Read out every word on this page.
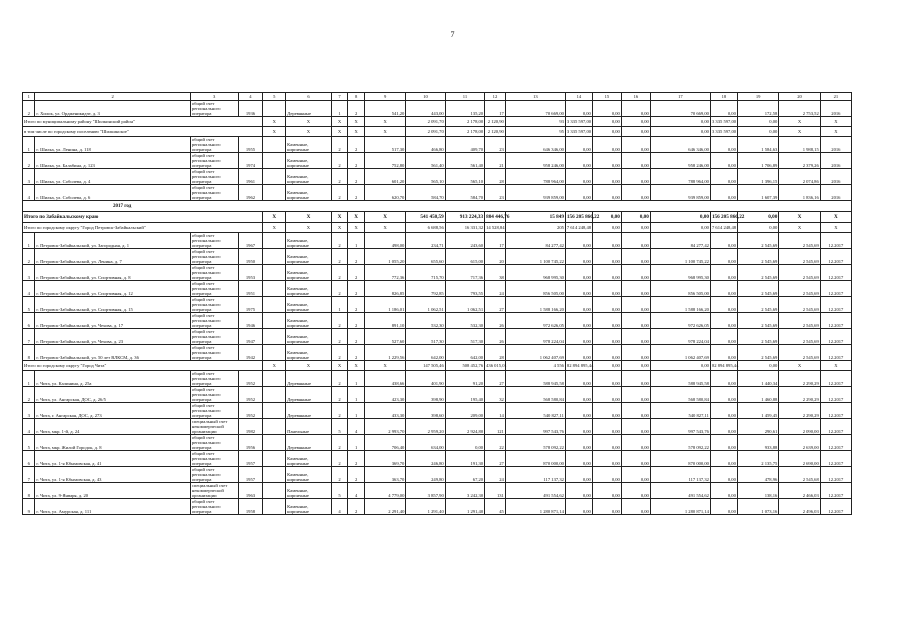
7
1	2	3	4	5	6	7	8	9	10	11	12	13	14	15	16	17	18	19	20	21
2	г. Хилок, ул. Ордженикидзе, д. 3	общий счет регионального оператора	1936		Деревянные	1	2	541,20	443,00	135,20	17	70 669,00	0,00	0,00	0,00	70 669,00	0,00	172,58	2 753,52	2016
Итого по муниципальному району "Шилкинский район"				X	X	X	X	X	2 091,70	2 178,00	2 120,90	93	3 335 597,00	0,00	0,00	0,00	3 335 597,00	0,00	X	X
в том числе по городскому поселению "Шилкинское"				X	X	X	X	X	2 091,70	2 178,00	2 120,90	95	3 335 597,00	0,00	0,00	0,00	3 335 597,00	0,00	X	X
1	г. Шилка, ул. Ленина, д. 118	общий счет регионального оператора	1955		Каменные, кирпичные	2	2	517,30	466,80	409,70	23	646 346,00	0,00	0,00	0,00	646 346,00	0,00	1 584,63	1 988,15	2016
2	г. Шилка, ул. Балабина, д. 123	общий счет регионального оператора	1974		Каменные, кирпичные	2	2	752,80	561,40	561,40	21	958 246,00	0,00	0,00	0,00	958 246,00	0,00	1 706,89	2 379,26	2016
3	г. Шилка, ул. Соболева, д. 4	общий счет регионального оператора	1961		Каменные, кирпичные	2	2	601,20	565,10	565,10	28	788 964,00	0,00	0,00	0,00	788 964,00	0,00	1 396,15	2 074,86	2016
4	г. Шилка, ул. Соболева, д. 6	общий счет регионального оператора	1962		Каменные, кирпичные	2	2	620,70	584,70	584,70	23	939 859,00	0,00	0,00	0,00	939 859,00	0,00	1 607,39	1 836,16	2016
2017 год																				
Итого по Забайкальскому краю				X	X	X	X	X	541 450,59	913 224,33	804 446,76	15 849	156 205 866,22	0,00	0,00	0,00	156 205 866,22	0,00	X	X
Итого по городскому округу "Город Петровск-Забайкальский"				X	X	X	X	X	6 688,56	16 331,32	14 528,84	205	7 614 248,48	0,00	0,00	0,00	7 614 248,48	0,00	X	X
1	г. Петровск-Забайкальский, ул. Загородная, д. 1	общий счет регионального оператора	1967		Каменные, кирпичные	2	1	498,00	234,71	243,60	17	84 277,42	0,00	0,00	0,00	84 277,42	0,00	2 545,69	2 545,69	12.2017
2	г. Петровск-Забайкальский, ул. Ленина, д. 7	общий счет регионального оператора	1950		Каменные, кирпичные	2	2	1 055,20	655,60	615,00	20	1 100 745,22	0,00	0,00	0,00	1 100 745,22	0,00	2 545,69	2 545,69	12.2017
3	г. Петровск-Забайкальский, ул. Спортивная, д. 8	общий счет регионального оператора	1953		Каменные, кирпичные	2	2	772,36	715,70	717,36	38	968 995,30	0,00	0,00	0,00	968 995,30	0,00	2 545,69	2 545,69	12.2017
4	г. Петровск-Забайкальский, ул. Спортивная, д. 12	общий счет регионального оператора	1951		Каменные, кирпичные	2	2	826,85	792,85	793,55	24	856 505,00	0,00	0,00	0,00	856 505,00	0,00	2 545,69	2 545,69	12.2017
5	г. Петровск-Забайкальский, ул. Спортивная, д. 15	общий счет регионального оператора	1975		Каменные, кирпичные	1	2	1 186,01	1 062,51	1 062,51	27	1 588 166,20	0,00	0,00	0,00	1 588 166,20	0,00	2 545,69	2 545,69	12.2017
6	г. Петровск-Забайкальский, ул. Чехова, д. 17	общий счет регионального оператора	1946		Каменные, кирпичные	2	2	891,10	532,30	532,30	26	972 626,05	0,00	0,00	0,00	972 626,05	0,00	2 545,69	2 545,69	12.2017
7	г. Петровск-Забайкальский, ул. Чехова, д. 23	общий счет регионального оператора	1947		Каменные, кирпичные	2	2	527,60	517,30	517,30	26	978 224,04	0,00	0,00	0,00	978 224,04	0,00	2 545,69	2 545,69	12.2017
8	г. Петровск-Забайкальский, ул. 50 лет ВЛКСМ, д. 36	общий счет регионального оператора	1942		Каменные, кирпичные	2	2	1 229,56	642,00	642,00	28	1 062 407,69	0,00	0,00	0,00	1 062 407,69	0,00	2 545,69	2 545,69	12.2017
Итого по городскому округу "Город Чита"				X	X	X	X	X	147 505,46	508 452,76	436 015,01	4 556	82 894 895,44	0,00	0,00	0,00	82 894 895,44	0,00	X	X
1	г. Чита, ул. Калинина, д. 25а	общий счет регионального оператора	1952		Деревянные	2	1	438,66	401,90	91,20	27	588 945,58	0,00	0,00	0,00	588 945,58	0,00	1 440,34	2 290,29	12.2017
2	г. Чита, ул. Ангарская, ДОС, д. 26/5	общий счет регионального оператора	1952		Деревянные	2	1	423,30	398,90	195,40	32	568 580,84	0,00	0,00	0,00	568 580,84	0,00	1 460,88	2 290,29	12.2017
3	г. Чита, г. Ангарская, ДОС, д. 273	общий счет регионального оператора	1952		Деревянные	2	1	433,30	398,60	209,00	14	540 827,11	0,00	0,00	0,00	540 827,11	0,00	1 459,45	2 290,29	12.2017
4	г. Чита, мкр. 1-й, д. 24	специальный счет некоммерческой организации	1982		Панельные	5	4	2 993,70	2 959,20	2 924,80	121	997 543,76	0,00	0,00	0,00	997 543,76	0,00	290,61	2 090,00	12.2017
5	г. Чита, мкр. Жилой Городок, д. 8	общий счет регионального оператора	1956		Деревянные	2	1	706,40	634,00	0,00	22	578 092,22	0,00	0,00	0,00	578 092,22	0,00	933,88	2 639,00	12.2017
6	г. Чита, ул. 1-я Кбымовская, д. 41	общий счет регионального оператора	1957		Каменные, кирпичные	2	2	369,70	246,80	191,30	27	870 000,00	0,00	0,00	0,00	870 000,00	0,00	2 135,75	2 690,00	12.2017
7	г. Чита, ул. 1-я Кбымовская, д. 43	общий счет регионального оператора	1957		Каменные, кирпичные	2	2	363,70	249,80	67,20	24	117 137,32	0,00	0,00	0,00	117 137,32	0,00	478,96	2 545,68	12.2017
8	г. Чита, ул. 9-Января, д. 20	специальный счет некоммерческой организации	1963		Каменные, кирпичные	5	4	4 779,00	3 857,90	3 242,30	131	491 554,62	0,00	0,00	0,00	491 554,62	0,00	138,16	2 466,03	12.2017
9	г. Чита, ул. Амурская, д. 111	общий счет регионального оператора	1958		Каменные, кирпичные	4	2	2 291,40	1 291,40	1 291,40	45	1 280 871,14	0,00	0,00	0,00	1 280 871,14	0,00	1 073,16	2 496,03	12.2017
